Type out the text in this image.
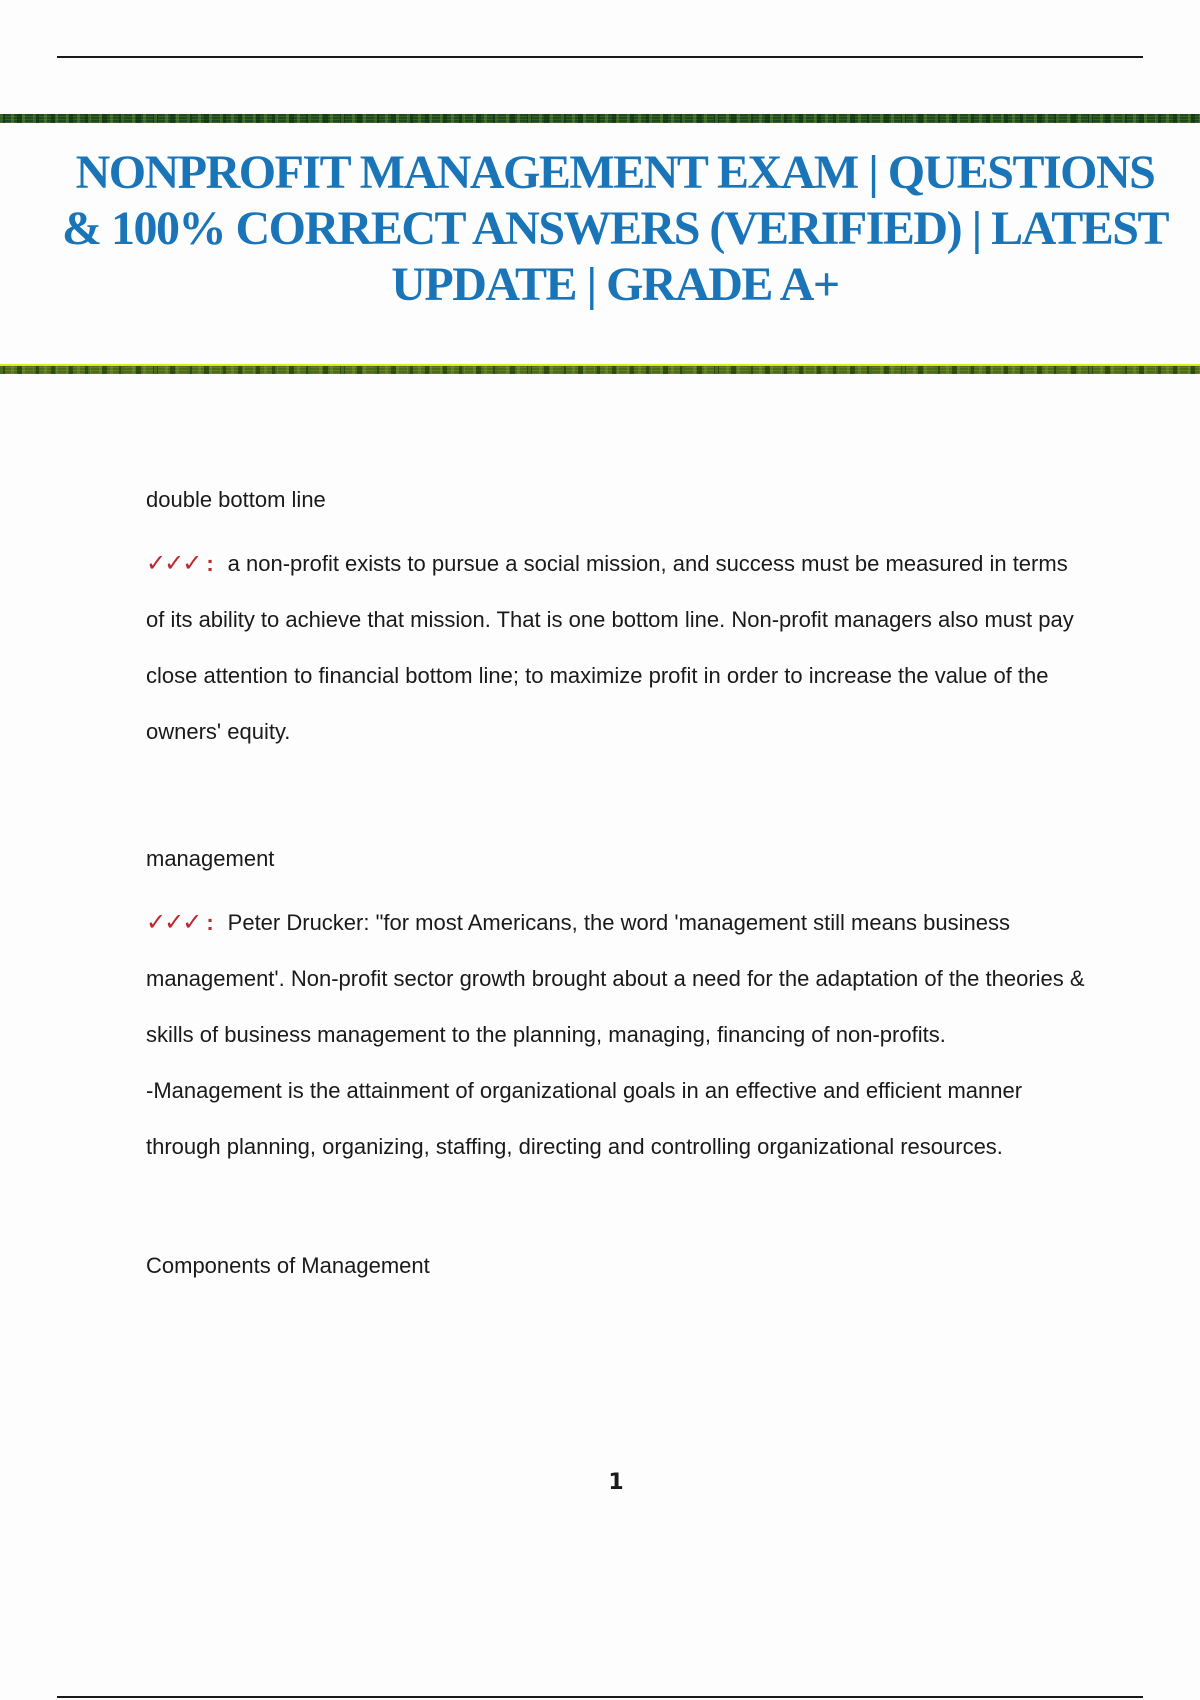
NONPROFIT MANAGEMENT EXAM | QUESTIONS & 100% CORRECT ANSWERS (VERIFIED) | LATEST UPDATE | GRADE A+

double bottom line

✓✓✓ : a non-profit exists to pursue a social mission, and success must be measured in terms of its ability to achieve that mission. That is one bottom line. Non-profit managers also must pay close attention to financial bottom line; to maximize profit in order to increase the value of the owners' equity.

management

✓✓✓ : Peter Drucker: "for most Americans, the word 'management still means business management'. Non-profit sector growth brought about a need for the adaptation of the theories & skills of business management to the planning, managing, financing of non-profits.

-Management is the attainment of organizational goals in an effective and efficient manner through planning, organizing, staffing, directing and controlling organizational resources.

Components of Management

1
